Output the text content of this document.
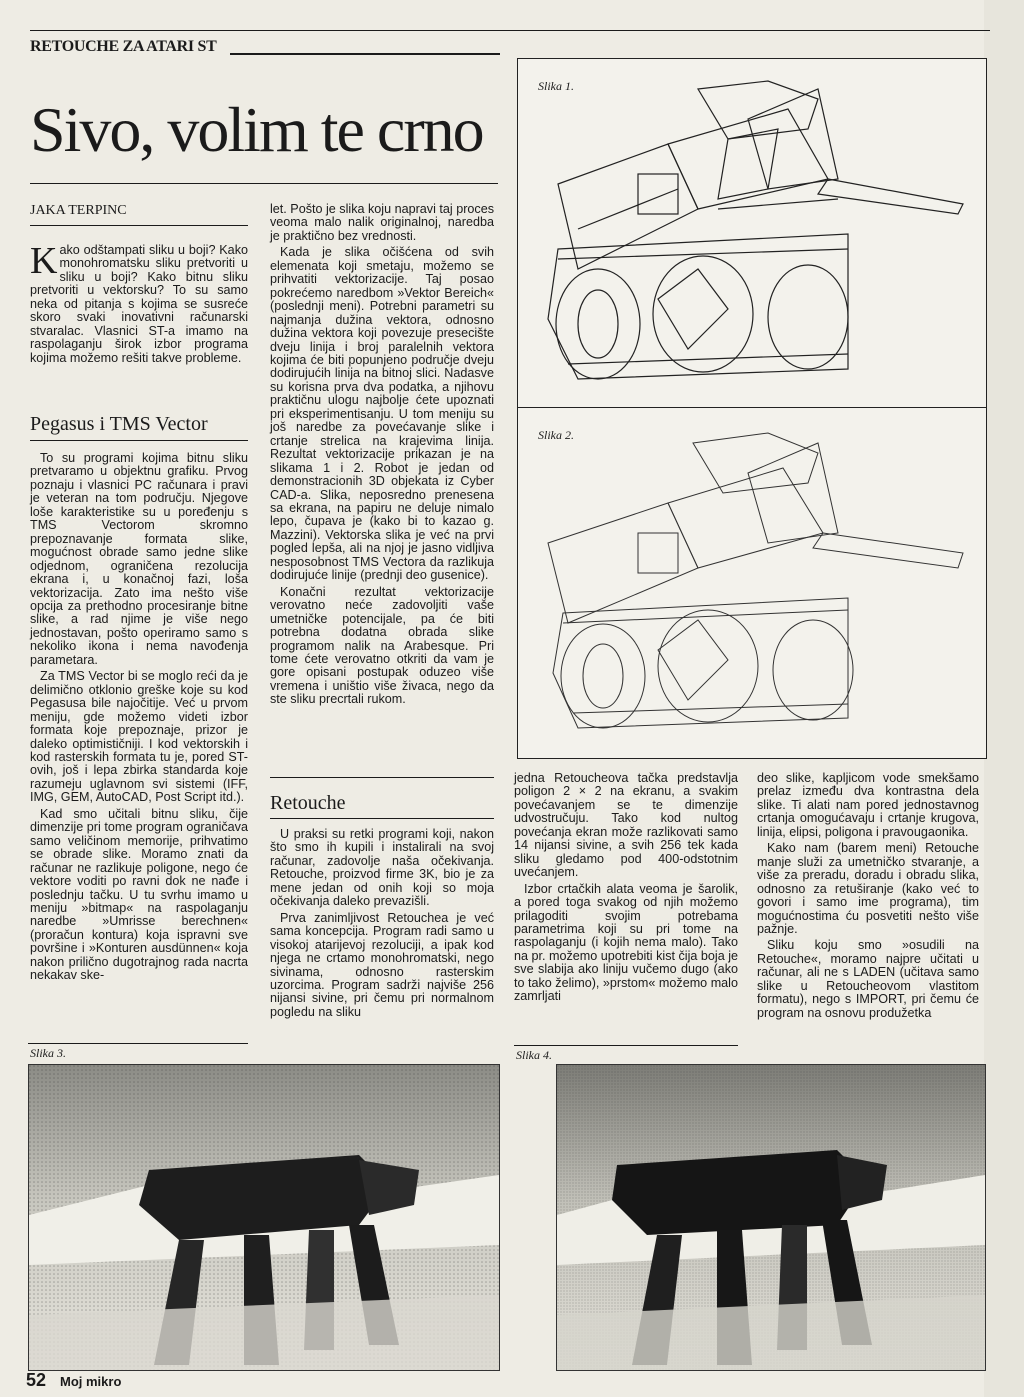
RETOUCHE ZA ATARI ST
Sivo, volim te crno
JAKA TERPINC
Kako odštampati sliku u boji? Kako monohromatsku sliku pretvoriti u sliku u boji? Kako bitnu sliku pretvoriti u vektorsku? To su samo neka od pitanja s kojima se susreće skoro svaki inovativni računarski stvaralac. Vlasnici ST-a imamo na raspolaganju širok izbor programa kojima možemo rešiti takve probleme.
Pegasus i TMS Vector

To su programi kojima bitnu sliku pretvaramo u objektnu grafiku. Prvog poznaju i vlasnici PC računara i pravi je veteran na tom području. Njegove loše karakteristike su u poređenju s TMS Vectorom skromno prepoznavanje formata slike, mogućnost obrade samo jedne slike odjednom, ograničena rezolucija ekrana i, u konačnoj fazi, loša vektorizacija. Zato ima nešto više opcija za prethodno procesiranje bitne slike, a rad njime je više nego jednostavan, pošto operiramo samo s nekoliko ikona i nema navođenja parametara.

Za TMS Vector bi se moglo reći da je delimično otklonio greške koje su kod Pegasusa bile najočitije. Već u prvom meniju, gde možemo videti izbor formata koje prepoznaje, prizor je daleko optimističniji. I kod vektorskih i kod rasterskih formata tu je, pored ST-ovih, još i lepa zbirka standarda koje razumeju uglavnom svi sistemi (IFF, IMG, GEM, AutoCAD, Post Script itd.).

Kad smo učitali bitnu sliku, čije dimenzije pri tome program ograničava samo veličinom memorije, prihvatimo se obrade slike. Moramo znati da računar ne razlikuje poligone, nego će vektore voditi po ravni dok ne nađe i poslednju tačku. U tu svrhu imamo u meniju »bitmap« na raspolaganju naredbe »Umrisse berechnen« (proračun kontura) koja ispravni sve površine i »Konturen ausdünnen« koja nakon prilično dugotrajnog rada nacrta nekakav ske-

let. Pošto je slika koju napravi taj proces veoma malo nalik originalnoj, naredba je praktično bez vrednosti.

Kada je slika očišćena od svih elemenata koji smetaju, možemo se prihvatiti vektorizacije. Taj posao pokrećemo naredbom »Vektor Bereich« (poslednji meni). Potrebni parametri su najmanja dužina vektora, odnosno dužina vektora koji povezuje presecište dveju linija i broj paralelnih vektora kojima će biti popunjeno područje dveju dodirujućih linija na bitnoj slici. Nadasve su korisna prva dva podatka, a njihovu praktičnu ulogu najbolje ćete upoznati pri eksperimentisanju. U tom meniju su još naredbe za povećavanje slike i crtanje strelica na krajevima linija. Rezultat vektorizacije prikazan je na slikama 1 i 2. Robot je jedan od demonstracionih 3D objekata iz Cyber CAD-a. Slika, neposredno prenesena sa ekrana, na papiru ne deluje nimalo lepo, čupava je (kako bi to kazao g. Mazzini). Vektorska slika je već na prvi pogled lepša, ali na njoj je jasno vidljiva nesposobnost TMS Vectora da razlikuja dodirujuće linije (prednji deo gusenice).

Konačni rezultat vektorizacije verovatno neće zadovoljiti vaše umetničke potencijale, pa će biti potrebna dodatna obrada slike programom nalik na Arabesque. Pri tome ćete verovatno otkriti da vam je gore opisani postupak oduzeo više vremena i uništio više živaca, nego da ste sliku precrtali rukom.

Retouche

U praksi su retki programi koji, nakon što smo ih kupili i instalirali na svoj računar, zadovolje naša očekivanja. Retouche, proizvod firme 3K, bio je za mene jedan od onih koji so moja očekivanja daleko prevazišli.

Prva zanimljivost Retouchea je već sama koncepcija. Program radi samo u visokoj atarijevoj rezoluciji, a ipak kod njega ne crtamo monohromatski, nego sivinama, odnosno rasterskim uzorcima. Program sadrži najviše 256 nijansi sivine, pri čemu pri normalnom pogledu na sliku

Slika 1.
Slika 2.

jedna Retoucheova tačka predstavlja poligon 2 × 2 na ekranu, a svakim povećavanjem se te dimenzije udvostručuju. Tako kod nultog povećanja ekran može razlikovati samo 14 nijansi sivine, a svih 256 tek kada sliku gledamo pod 400-odstotnim uvećanjem.

Izbor crtačkih alata veoma je šarolik, a pored toga svakog od njih možemo prilagoditi svojim potrebama parametrima koji su pri tome na raspolaganju (i kojih nema malo). Tako na pr. možemo upotrebiti kist čija boja je sve slabija ako liniju vučemo dugo (ako to tako želimo), »prstom« možemo malo zamrljati

deo slike, kapljicom vode smekšamo prelaz između dva kontrastna dela slike. Ti alati nam pored jednostavnog crtanja omogućavaju i crtanje krugova, linija, elipsi, poligona i pravougaonika.

Kako nam (barem meni) Retouche manje služi za umetničko stvaranje, a više za preradu, doradu i obradu slika, odnosno za retuširanje (kako već to govori i samo ime programa), tim mogućnostima ću posvetiti nešto više pažnje.

Sliku koju smo »osudili na Retouche«, moramo najpre učitati u računar, ali ne s LADEN (učitava samo slike u Retoucheovom vlastitom formatu), nego s IMPORT, pri čemu će program na osnovu produžetka

Slika 3.	Slika 4.
52 Moj mikro
